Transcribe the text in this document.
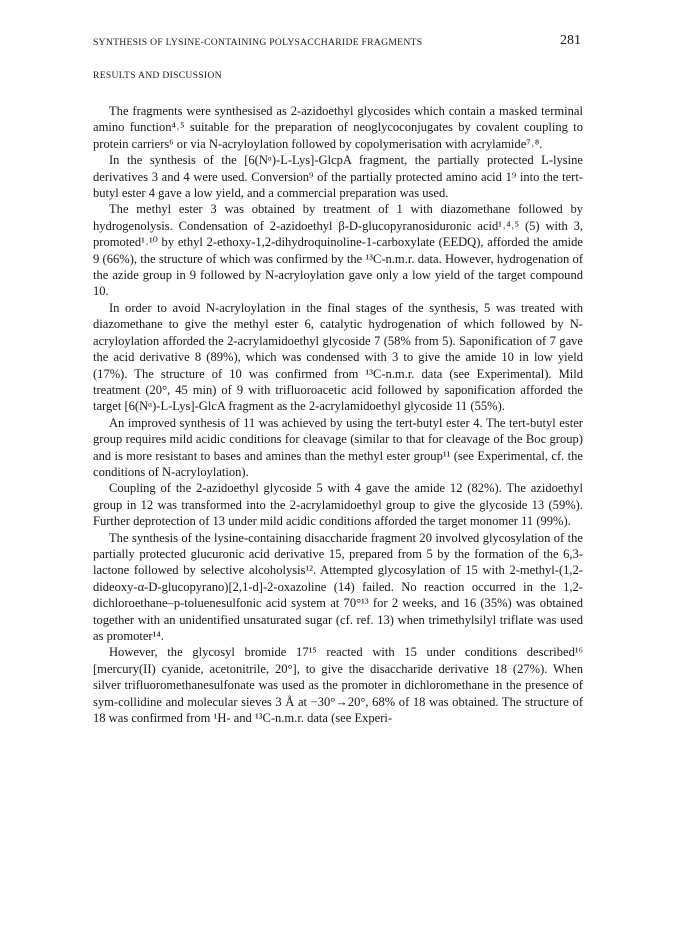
SYNTHESIS OF LYSINE-CONTAINING POLYSACCHARIDE FRAGMENTS	281
RESULTS AND DISCUSSION

The fragments were synthesised as 2-azidoethyl glycosides which contain a masked terminal amino function⁴˒⁵ suitable for the preparation of neoglycoconjugates by covalent coupling to protein carriers⁶ or via N-acryloylation followed by copolymerisation with acrylamide⁷˒⁸.

In the synthesis of the [6(Nᵅ)-L-Lys]-GlcpA fragment, the partially protected L-lysine derivatives 3 and 4 were used. Conversion⁹ of the partially protected amino acid 1⁹ into the tert-butyl ester 4 gave a low yield, and a commercial preparation was used.

The methyl ester 3 was obtained by treatment of 1 with diazomethane followed by hydrogenolysis. Condensation of 2-azidoethyl β-D-glucopyranosiduronic acid¹˒⁴˒⁵ (5) with 3, promoted¹˒¹⁰ by ethyl 2-ethoxy-1,2-dihydroquinoline-1-carboxylate (EEDQ), afforded the amide 9 (66%), the structure of which was confirmed by the ¹³C-n.m.r. data. However, hydrogenation of the azide group in 9 followed by N-acryloylation gave only a low yield of the target compound 10.

In order to avoid N-acryloylation in the final stages of the synthesis, 5 was treated with diazomethane to give the methyl ester 6, catalytic hydrogenation of which followed by N-acryloylation afforded the 2-acrylamidoethyl glycoside 7 (58% from 5). Saponification of 7 gave the acid derivative 8 (89%), which was condensed with 3 to give the amide 10 in low yield (17%). The structure of 10 was confirmed from ¹³C-n.m.r. data (see Experimental). Mild treatment (20°, 45 min) of 9 with trifluoroacetic acid followed by saponification afforded the target [6(Nᵅ)-L-Lys]-GlcA fragment as the 2-acrylamidoethyl glycoside 11 (55%).

An improved synthesis of 11 was achieved by using the tert-butyl ester 4. The tert-butyl ester group requires mild acidic conditions for cleavage (similar to that for cleavage of the Boc group) and is more resistant to bases and amines than the methyl ester group¹¹ (see Experimental, cf. the conditions of N-acryloylation).

Coupling of the 2-azidoethyl glycoside 5 with 4 gave the amide 12 (82%). The azidoethyl group in 12 was transformed into the 2-acrylamidoethyl group to give the glycoside 13 (59%). Further deprotection of 13 under mild acidic conditions afforded the target monomer 11 (99%).

The synthesis of the lysine-containing disaccharide fragment 20 involved glycosylation of the partially protected glucuronic acid derivative 15, prepared from 5 by the formation of the 6,3-lactone followed by selective alcoholysis¹². Attempted glycosylation of 15 with 2-methyl-(1,2-dideoxy-α-D-glucopyrano)[2,1-d]-2-oxazoline (14) failed. No reaction occurred in the 1,2-dichloroethane–p-toluenesulfonic acid system at 70°¹³ for 2 weeks, and 16 (35%) was obtained together with an unidentified unsaturated sugar (cf. ref. 13) when trimethylsilyl triflate was used as promoter¹⁴.

However, the glycosyl bromide 17¹⁵ reacted with 15 under conditions described¹⁶ [mercury(II) cyanide, acetonitrile, 20°], to give the disaccharide derivative 18 (27%). When silver trifluoromethanesulfonate was used as the promoter in dichloromethane in the presence of sym-collidine and molecular sieves 3 Å at −30°→20°, 68% of 18 was obtained. The structure of 18 was confirmed from ¹H- and ¹³C-n.m.r. data (see Experi-
